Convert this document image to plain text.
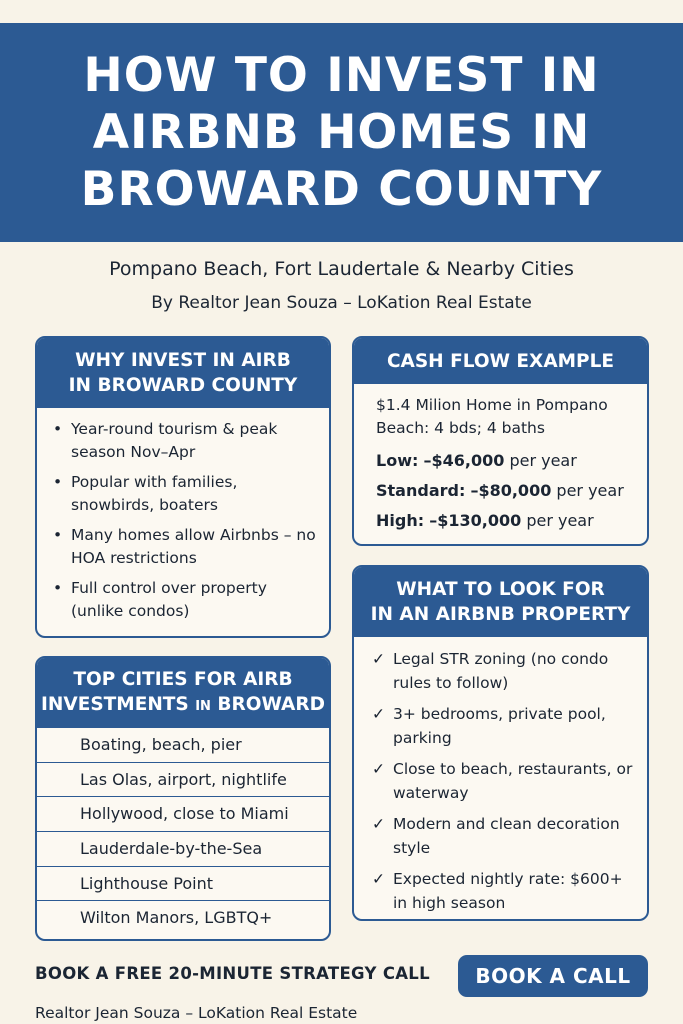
HOW TO INVEST IN
AIRBNB HOMES IN
BROWARD COUNTY
Pompano Beach, Fort Laudertale & Nearby Cities
By Realtor Jean Souza – LoKation Real Estate
WHY INVEST IN AIRB
IN BROWARD COUNTY
• Year-round tourism & peak season Nov–Apr
• Popular with families, snowbirds, boaters
• Many homes allow Airbnbs – no HOA restrictions
• Full control over property (unlike condos)
CASH FLOW EXAMPLE
$1.4 Milion Home in Pompano Beach: 4 bds; 4 baths
Low: –$46,000 per year
Standard: –$80,000 per year
High: –$130,000 per year
WHAT TO LOOK FOR
IN AN AIRBNB PROPERTY
✓ Legal STR zoning (no condo rules to follow)
✓ 3+ bedrooms, private pool, parking
✓ Close to beach, restaurants, or waterway
✓ Modern and clean decoration style
✓ Expected nightly rate: $600+ in high season
TOP CITIES FOR AIRB
INVESTMENTS IN BROWARD
Boating, beach, pier
Las Olas, airport, nightlife
Hollywood, close to Miami
Lauderdale-by-the-Sea
Lighthouse Point
Wilton Manors, LGBTQ+
BOOK A FREE 20-MINUTE STRATEGY CALL	BOOK A CALL
Realtor Jean Souza – LoKation Real Estate
